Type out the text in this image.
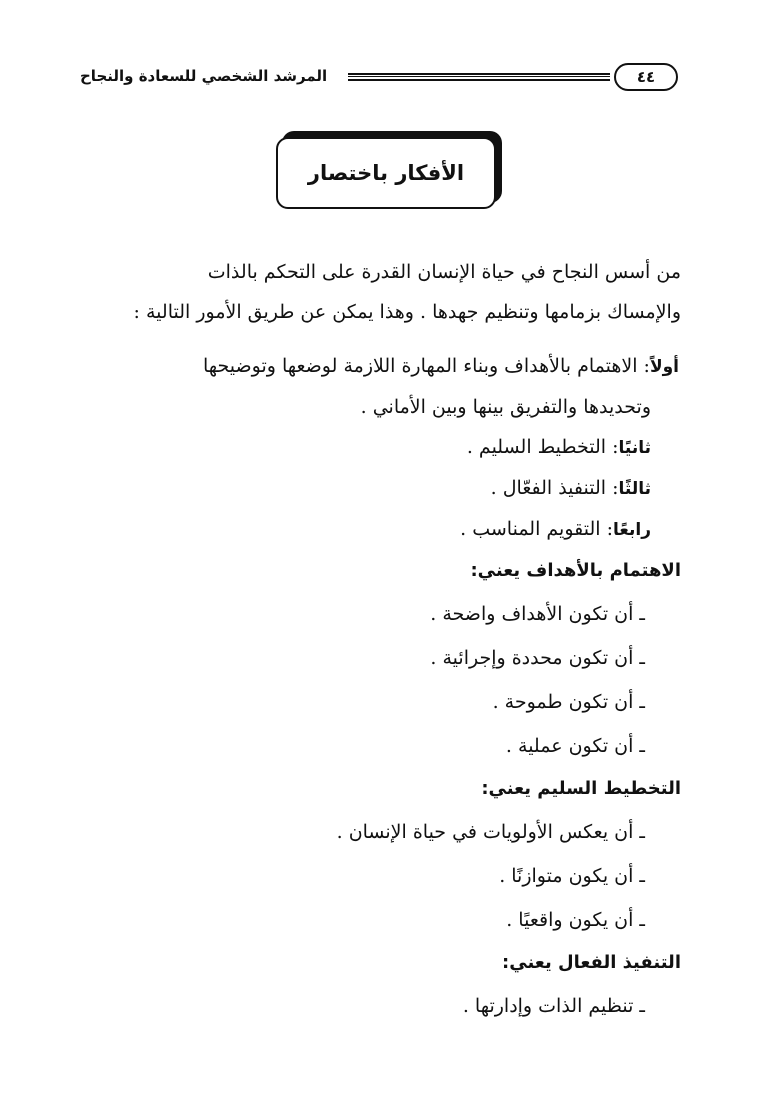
المرشد الشخصي للسعادة والنجاح	٤٤
الأفكار باختصار
من أسس النجاح في حياة الإنسان القدرة على التحكم بالذات
والإمساك بزمامها وتنظيم جهدها . وهذا يمكن عن طريق الأمور التالية :
أولاً: الاهتمام بالأهداف وبناء المهارة اللازمة لوضعها وتوضيحها
وتحديدها والتفريق بينها وبين الأماني .
ثانيًا: التخطيط السليم .
ثالثًا: التنفيذ الفعّال .
رابعًا: التقويم المناسب .
الاهتمام بالأهداف يعني:
ـ أن تكون الأهداف واضحة .
ـ أن تكون محددة وإجرائية .
ـ أن تكون طموحة .
ـ أن تكون عملية .
التخطيط السليم يعني:
ـ أن يعكس الأولويات في حياة الإنسان .
ـ أن يكون متوازنًا .
ـ أن يكون واقعيًا .
التنفيذ الفعال يعني:
ـ تنظيم الذات وإدارتها .
